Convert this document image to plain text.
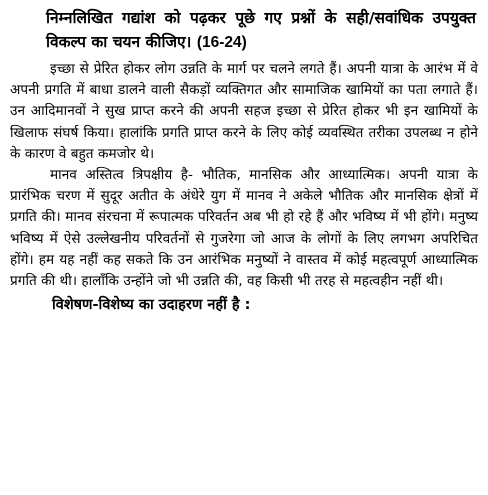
निम्नलिखित गद्यांश को पढ़कर पूछे गए प्रश्नों के सही/सवांधिक उपयुक्त विकल्प का चयन कीजिए। (16-24)

इच्छा से प्रेरित होकर लोग उन्नति के मार्ग पर चलने लगते हैं। अपनी यात्रा के आरंभ में वे अपनी प्रगति में बाधा डालने वाली सैकड़ों व्यक्तिगत और सामाजिक खामियों का पता लगाते हैं। उन आदिमानवों ने सुख प्राप्त करने की अपनी सहज इच्छा से प्रेरित होकर भी इन खामियों के खिलाफ संघर्ष किया। हालांकि प्रगति प्राप्त करने के लिए कोई व्यवस्थित तरीका उपलब्ध न होने के कारण वे बहुत कमजोर थे।

मानव अस्तित्व त्रिपक्षीय है- भौतिक, मानसिक और आध्यात्मिक। अपनी यात्रा के प्रारंभिक चरण में सुदूर अतीत के अंधेरे युग में मानव ने अकेले भौतिक और मानसिक क्षेत्रों में प्रगति की। मानव संरचना में रूपात्मक परिवर्तन अब भी हो रहे हैं और भविष्य में भी होंगे। मनुष्य भविष्य में ऐसे उल्लेखनीय परिवर्तनों से गुजरेगा जो आज के लोगों के लिए लगभग अपरिचित होंगे। हम यह नहीं कह सकते कि उन आरंभिक मनुष्यों ने वास्तव में कोई महत्वपूर्ण आध्यात्मिक प्रगति की थी। हालाँकि उन्होंने जो भी उन्नति की, वह किसी भी तरह से महत्वहीन नहीं थी।

विशेषण-विशेष्य का उदाहरण नहीं है :
